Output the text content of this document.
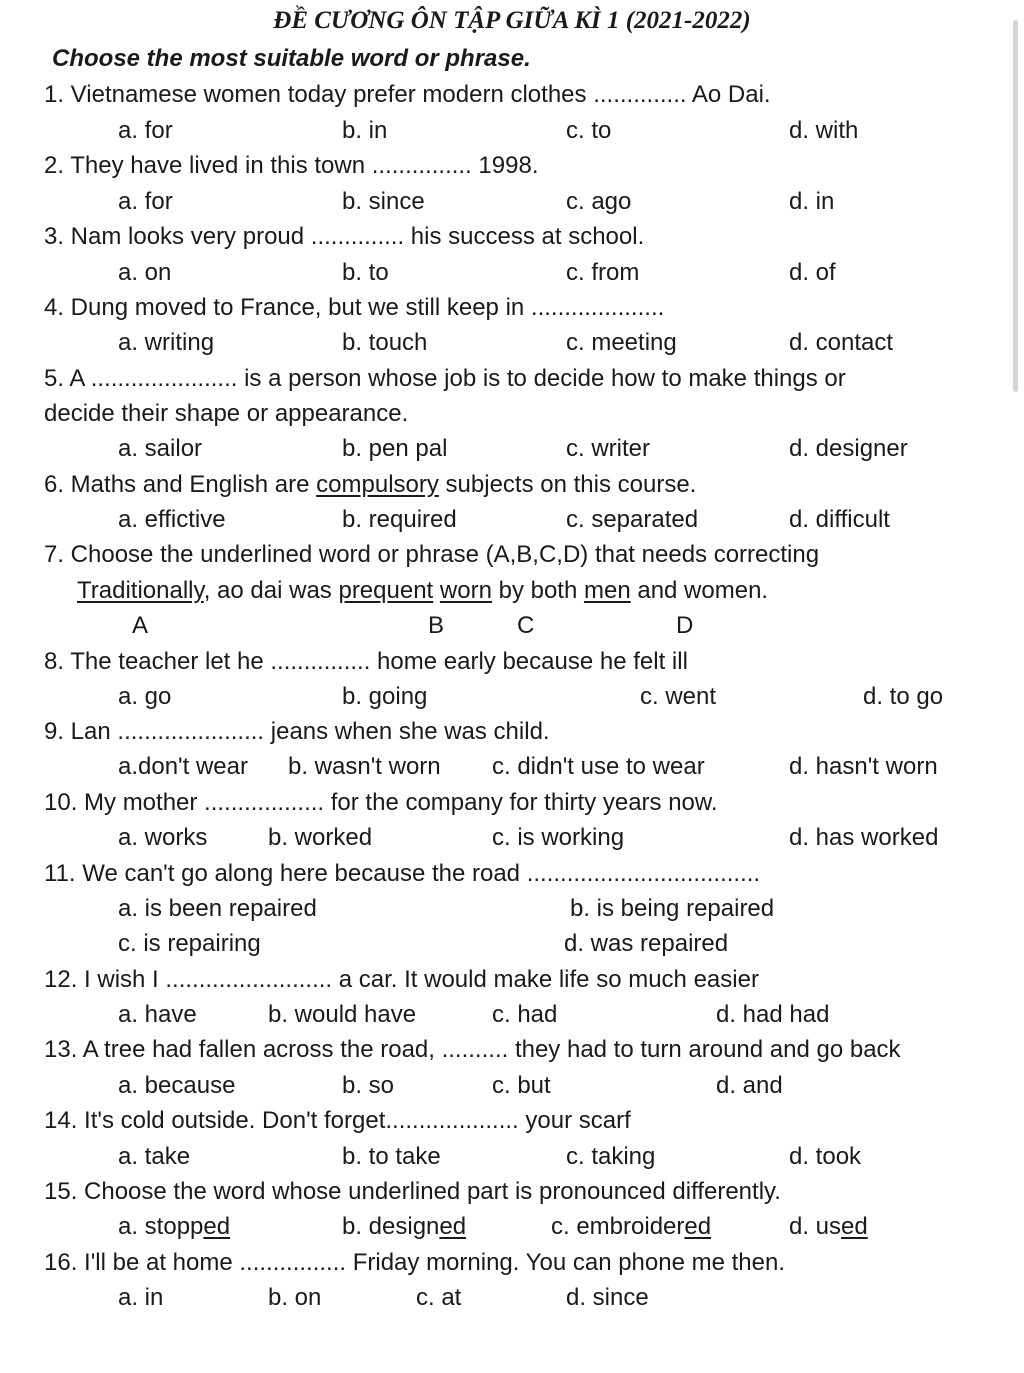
ĐỀ CƯƠNG ÔN TẬP GIỮA KÌ 1 (2021-2022)
Choose the most suitable word or phrase.
1. Vietnamese women today prefer modern clothes .............. Ao Dai.
a. for	b. in	c. to	d. with
2. They have lived in this town ............... 1998.
a. for	b. since	c. ago	d. in
3. Nam looks very proud .............. his success at school.
a. on	b. to	c. from	d. of
4. Dung moved to France, but we still keep in ....................
a. writing	b. touch	c. meeting	d. contact
5. A ...................... is a person whose job is to decide how to make things or
decide their shape or appearance.
a. sailor	b. pen pal	c. writer	d. designer
6. Maths and English are compulsory subjects on this course.
a. effictive	b. required	c. separated	d. difficult
7. Choose the underlined word or phrase (A,B,C,D) that needs correcting
Traditionally, ao dai was prequent worn by both men and women.
A	B	C	D
8. The teacher let he ............... home early because he felt ill
a. go	b. going	c. went	d. to go
9. Lan ...................... jeans when she was child.
a.don't wear b. wasn't worn c. didn't use to wear	d. hasn't worn
10. My mother .................. for the company for thirty years now.
a. works	b. worked	c. is working	d. has worked
11. We can't go along here because the road ...................................
a. is been repaired	b. is being repaired
c. is repairing	d. was repaired
12. I wish I ......................... a car. It would make life so much easier
a. have	b. would have	c. had	d. had had
13. A tree had fallen across the road, .......... they had to turn around and go back
a. because	b. so	c. but	d. and
14. It's cold outside. Don't forget.................... your scarf
a. take	b. to take	c. taking	d. took
15. Choose the word whose underlined part is pronounced differently.
a. stopped	b. designed	c. embroidered	d. used
16. I'll be at home ................ Friday morning. You can phone me then.
a. in	b. on	c. at	d. since
